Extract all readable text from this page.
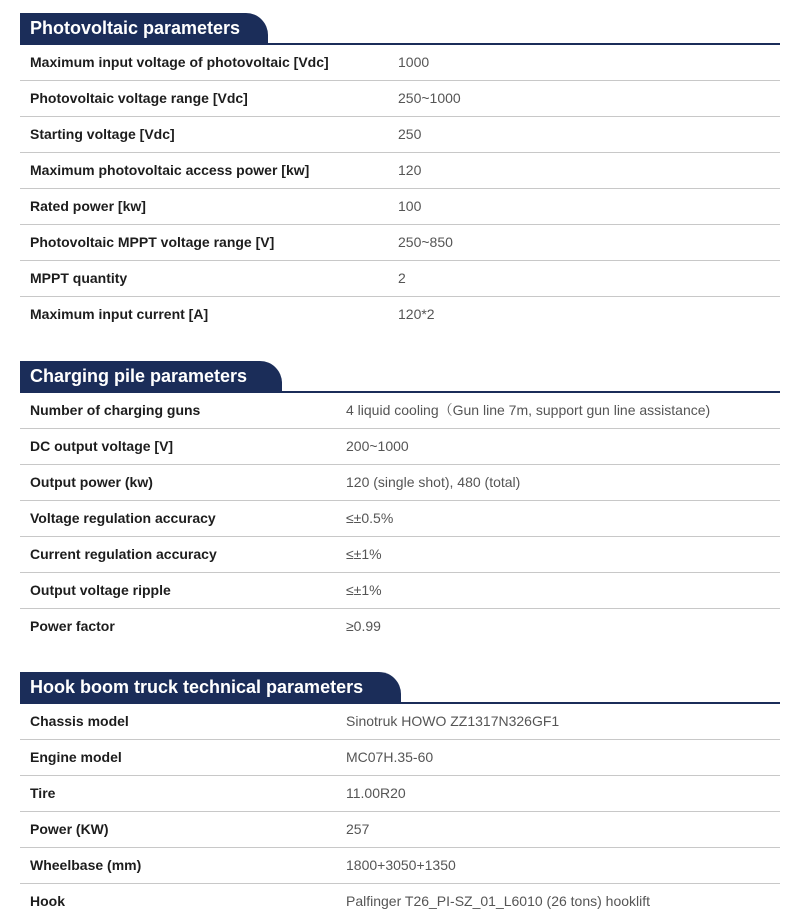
Photovoltaic parameters
Maximum input voltage of photovoltaic [Vdc]	1000
Photovoltaic voltage range [Vdc]	250~1000
Starting voltage [Vdc]	250
Maximum photovoltaic access power [kw]	120
Rated power [kw]	100
Photovoltaic MPPT voltage range [V]	250~850
MPPT quantity	2
Maximum input current [A]	120*2
Charging pile parameters
Number of charging guns	4 liquid cooling（Gun line 7m, support gun line assistance)
DC output voltage [V]	200~1000
Output power (kw)	120 (single shot), 480 (total)
Voltage regulation accuracy	≤±0.5%
Current regulation accuracy	≤±1%
Output voltage ripple	≤±1%
Power factor	≥0.99
Hook boom truck technical parameters
Chassis model	Sinotruk HOWO ZZ1317N326GF1
Engine model	MC07H.35-60
Tire	11.00R20
Power (KW)	257
Wheelbase (mm)	1800+3050+1350
Hook	Palfinger T26_PI-SZ_01_L6010 (26 tons) hooklift
